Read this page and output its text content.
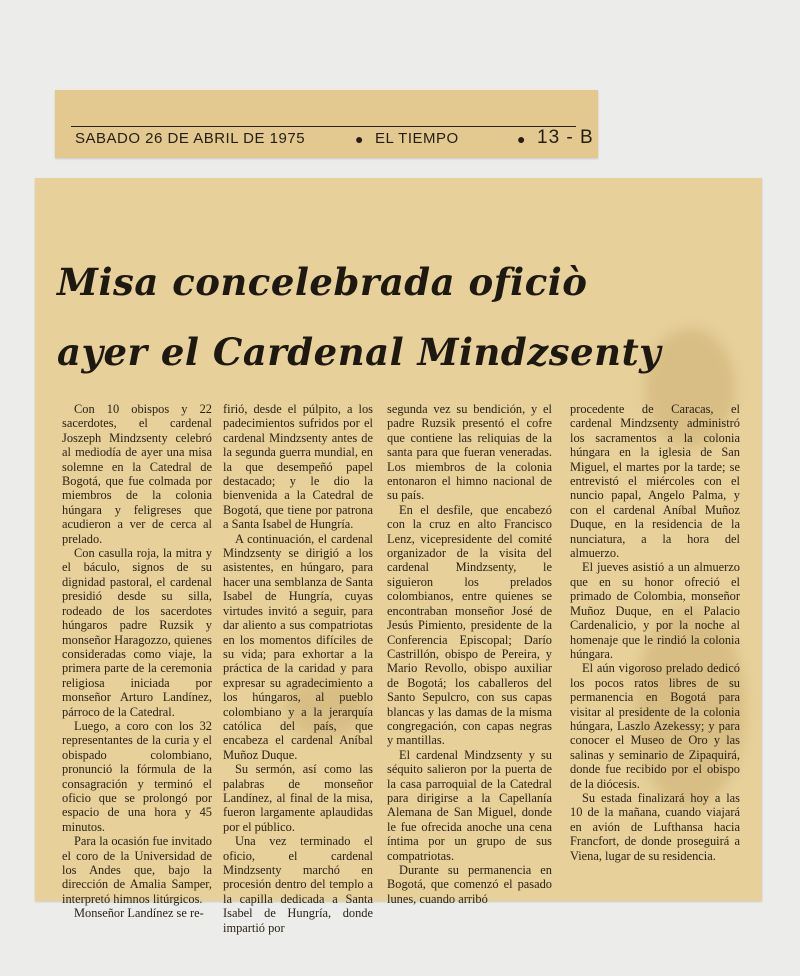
SABADO 26 DE ABRIL DE 1975	● EL TIEMPO	● 13 - B
Misa concelebrada oficiò
ayer el Cardenal Mindzsenty

Con 10 obispos y 22 sacerdotes, el cardenal Joszeph Mindzsenty celebró al mediodía de ayer una misa solemne en la Catedral de Bogotá, que fue colmada por miembros de la colonia húngara y feligreses que acudieron a ver de cerca al prelado.

Con casulla roja, la mitra y el báculo, signos de su dignidad pastoral, el cardenal presidió desde su silla, rodeado de los sacerdotes húngaros padre Ruzsik y monseñor Haragozzo, quienes consideradas como viaje, la primera parte de la ceremonia religiosa iniciada por monseñor Arturo Landínez, párroco de la Catedral.

Luego, a coro con los 32 representantes de la curia y el obispado colombiano, pronunció la fórmula de la consagración y terminó el oficio que se prolongó por espacio de una hora y 45 minutos.

Para la ocasión fue invitado el coro de la Universidad de los Andes que, bajo la dirección de Amalia Samper, interpretó himnos litúrgicos.

Monseñor Landínez se re-

firió, desde el púlpito, a los padecimientos sufridos por el cardenal Mindzsenty antes de la segunda guerra mundial, en la que desempeñó papel destacado; y le dio la bienvenida a la Catedral de Bogotá, que tiene por patrona a Santa Isabel de Hungría.

A continuación, el cardenal Mindzsenty se dirigió a los asistentes, en húngaro, para hacer una semblanza de Santa Isabel de Hungría, cuyas virtudes invitó a seguir, para dar aliento a sus compatriotas en los momentos difíciles de su vida; para exhortar a la práctica de la caridad y para expresar su agradecimiento a los húngaros, al pueblo colombiano y a la jerarquía católica del país, que encabeza el cardenal Aníbal Muñoz Duque.

Su sermón, así como las palabras de monseñor Landínez, al final de la misa, fueron largamente aplaudidas por el público.

Una vez terminado el oficio, el cardenal Mindzsenty marchó en procesión dentro del templo a la capilla dedicada a Santa Isabel de Hungría, donde impartió por

segunda vez su bendición, y el padre Ruzsik presentó el cofre que contiene las reliquias de la santa para que fueran veneradas. Los miembros de la colonia entonaron el himno nacional de su país.

En el desfile, que encabezó con la cruz en alto Francisco Lenz, vicepresidente del comité organizador de la visita del cardenal Mindzsenty, le siguieron los prelados colombianos, entre quienes se encontraban monseñor José de Jesús Pimiento, presidente de la Conferencia Episcopal; Darío Castrillón, obispo de Pereira, y Mario Revollo, obispo auxiliar de Bogotá; los caballeros del Santo Sepulcro, con sus capas blancas y las damas de la misma congregación, con capas negras y mantillas.

El cardenal Mindzsenty y su séquito salieron por la puerta de la casa parroquial de la Catedral para dirigirse a la Capellanía Alemana de San Miguel, donde le fue ofrecida anoche una cena íntima por un grupo de sus compatriotas.

Durante su permanencia en Bogotá, que comenzó el pasado lunes, cuando arribó

procedente de Caracas, el cardenal Mindzsenty administró los sacramentos a la colonia húngara en la iglesia de San Miguel, el martes por la tarde; se entrevistó el miércoles con el nuncio papal, Angelo Palma, y con el cardenal Aníbal Muñoz Duque, en la residencia de la nunciatura, a la hora del almuerzo.

El jueves asistió a un almuerzo que en su honor ofreció el primado de Colombia, monseñor Muñoz Duque, en el Palacio Cardenalicio, y por la noche al homenaje que le rindió la colonia húngara.

El aún vigoroso prelado dedicó los pocos ratos libres de su permanencia en Bogotá para visitar al presidente de la colonia húngara, Laszlo Azekessy; y para conocer el Museo de Oro y las salinas y seminario de Zipaquirá, donde fue recibido por el obispo de la diócesis.

Su estada finalizará hoy a las 10 de la mañana, cuando viajará en avión de Lufthansa hacia Francfort, de donde proseguirá a Viena, lugar de su residencia.
